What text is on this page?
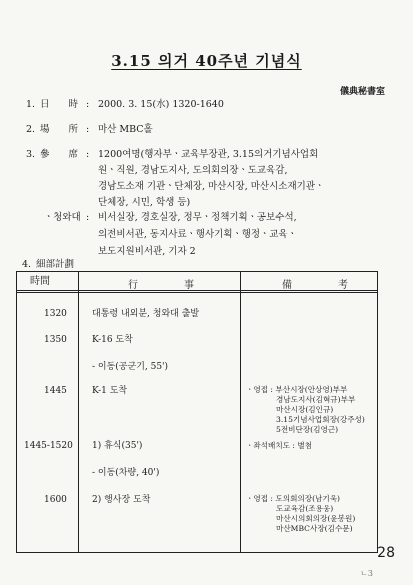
3.15 의거 40주년 기념식
儀典秘書室
1. 日　　時 : 2000. 3. 15(水) 1320-1640
2. 場　　所 : 마산 MBC홀
3. 參　　席 : 1200여명(행자부ㆍ교육부장관, 3.15의거기념사업회
원ㆍ직원, 경남도지사, 도의회의장ㆍ도교육감,
경남도소재 기관ㆍ단체장, 마산시장, 마산시소재기관ㆍ
단체장, 시민, 학생 등)
ㆍ청와대 : 비서실장, 경호실장, 정무ㆍ정책기획ㆍ공보수석,
의전비서관, 동지사료ㆍ행사기획ㆍ행정ㆍ교육ㆍ
보도지원비서관, 기자 2
4. 細部計劃
時間	行　事	備　考
1320	대통령 내외분, 청와대 출발
1350	K-16 도착
- 이동(공군기, 55')
1445	K-1 도착	ㆍ영접 : 부산시장(안상영)부부
경남도지사(김혁규)부부
마산시장(김인규)
3.15기념사업회장(강주성)
5전비단장(김영근)
1445-1520 1) 휴식(35')	ㆍ좌석배치도 : 별첨
- 이동(차량, 40')
1600	2) 행사장 도착	ㆍ영접 : 도의회의장(남기욱)
도교육감(조용웅)
마산시의회의장(윤봉원)
마산MBC사장(김수문)
28
ㄴ3
